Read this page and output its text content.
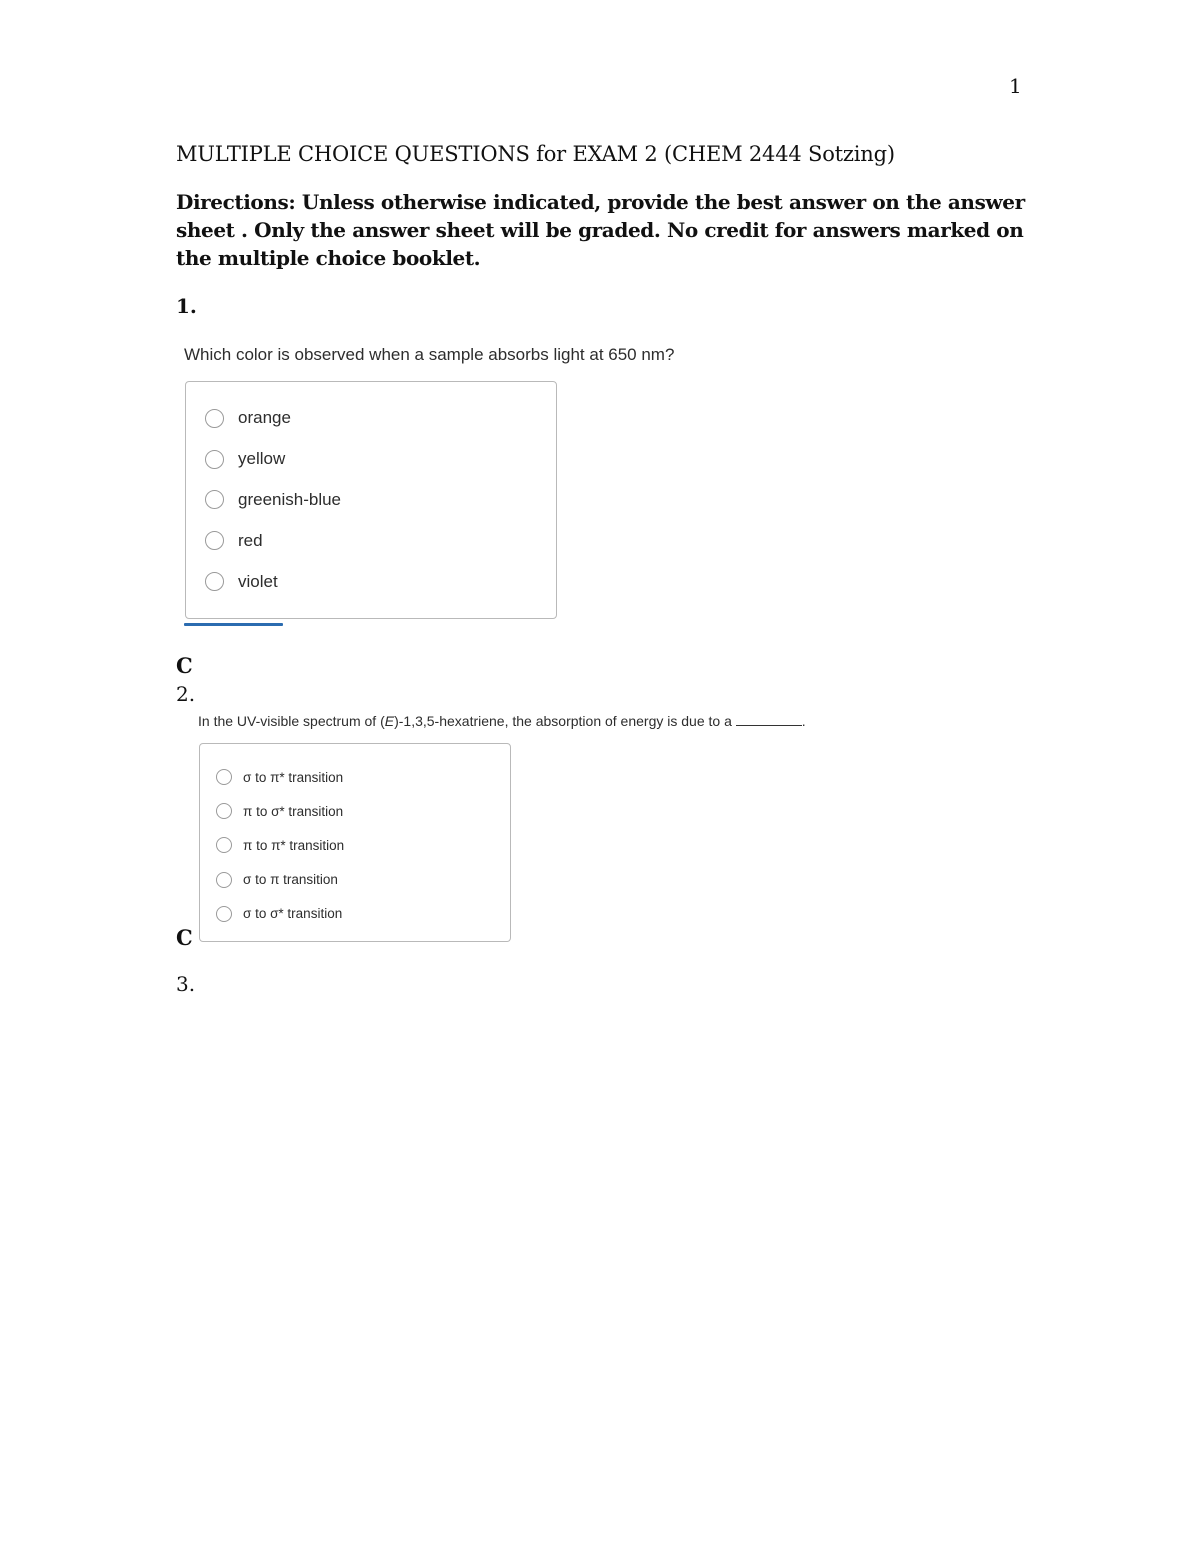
1
MULTIPLE CHOICE QUESTIONS for EXAM 2 (CHEM 2444 Sotzing)
Directions: Unless otherwise indicated, provide the best answer on the answer sheet . Only the answer sheet will be graded. No credit for answers marked on the multiple choice booklet.
1.
Which color is observed when a sample absorbs light at 650 nm?
orange
yellow
greenish-blue
red
violet
C
2.
In the UV-visible spectrum of (E)-1,3,5-hexatriene, the absorption of energy is due to a	.
σ to π* transition
π to σ* transition
π to π* transition
σ to π transition
σ to σ* transition
C
3.
